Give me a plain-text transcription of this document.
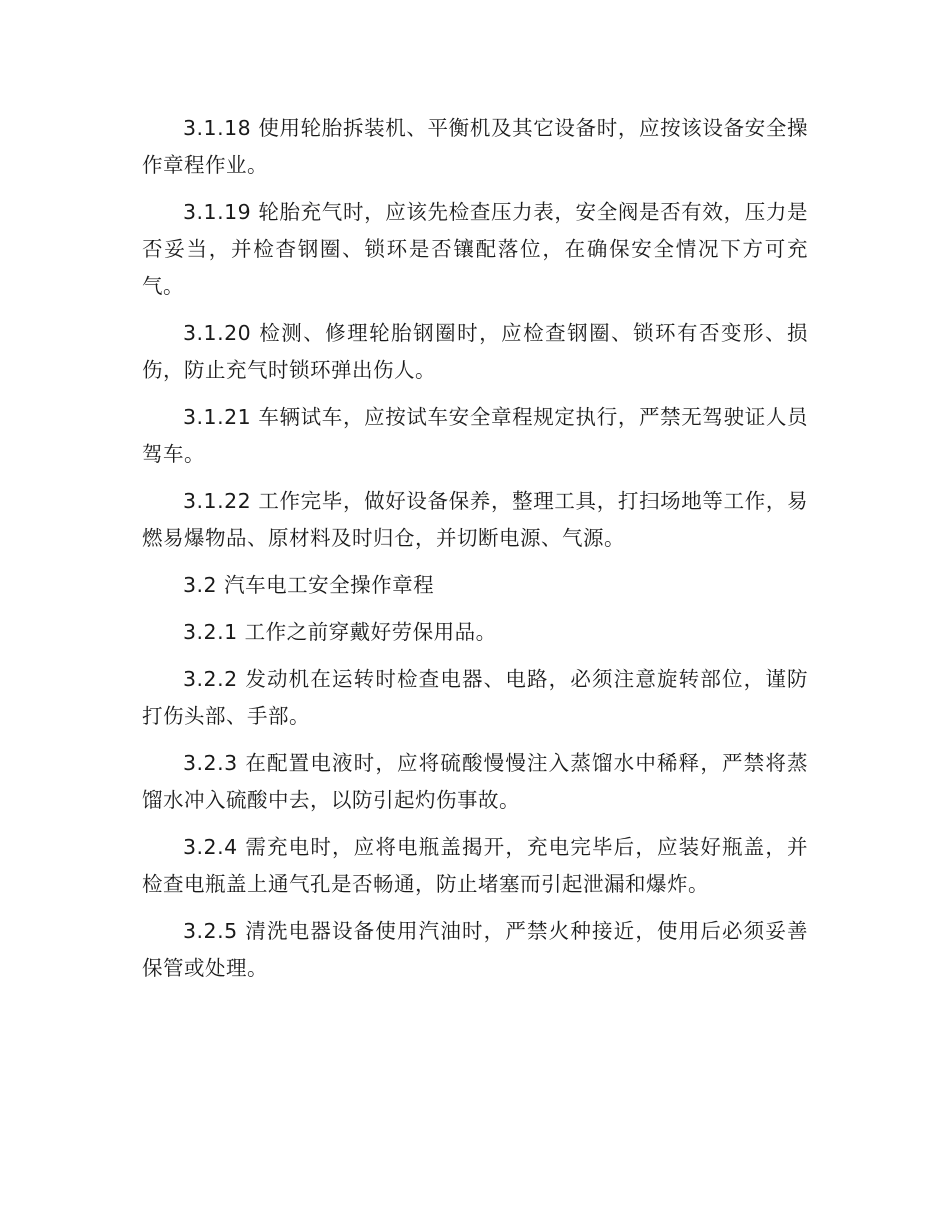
3.1.18 使用轮胎拆装机、平衡机及其它设备时，应按该设备安全操作章程作业。

3.1.19 轮胎充气时，应该先检查压力表，安全阀是否有效，压力是否妥当，并检杳钢圈、锁环是否镶配落位，在确保安全情况下方可充气。

3.1.20 检测、修理轮胎钢圈时，应检查钢圈、锁环有否变形、损伤，防止充气时锁环弹出伤人。

3.1.21 车辆试车，应按试车安全章程规定执行，严禁无驾驶证人员驾车。

3.1.22 工作完毕，做好设备保养，整理工具，打扫场地等工作，易燃易爆物品、原材料及时归仓，并切断电源、气源。

3.2 汽车电工安全操作章程

3.2.1 工作之前穿戴好劳保用品。

3.2.2 发动机在运转时检查电器、电路，必须注意旋转部位，谨防打伤头部、手部。

3.2.3 在配置电液时，应将硫酸慢慢注入蒸馏水中稀释，严禁将蒸馏水冲入硫酸中去，以防引起灼伤事故。

3.2.4 需充电时，应将电瓶盖揭开，充电完毕后，应装好瓶盖，并检查电瓶盖上通气孔是否畅通，防止堵塞而引起泄漏和爆炸。

3.2.5 清洗电器设备使用汽油时，严禁火种接近，使用后必须妥善保管或处理。
